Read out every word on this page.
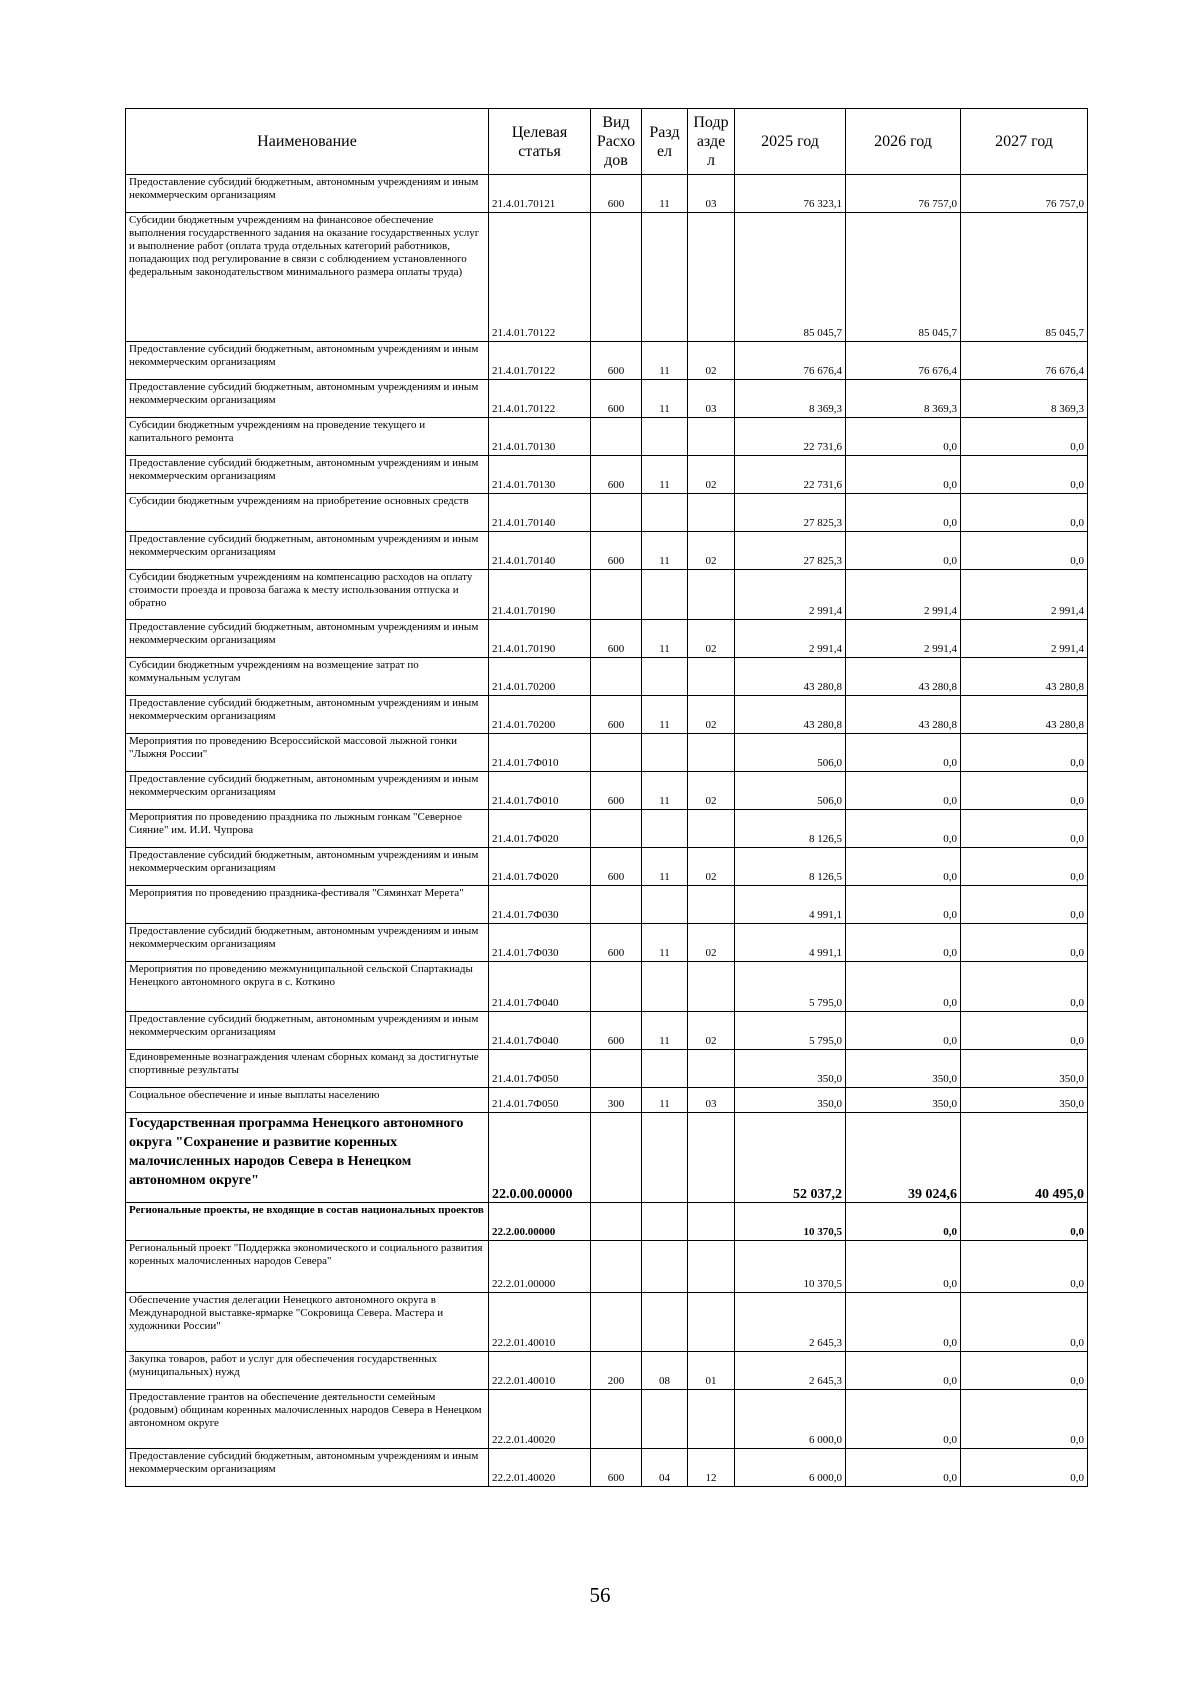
Наименование	Целевая статья	Вид Расхо дов	Разд ел	Подр азде л	2025 год	2026 год	2027 год
Предоставление субсидий бюджетным, автономным учреждениям и иным некоммерческим организациям	21.4.01.70121	600	11	03	76 323,1	76 757,0	76 757,0
Субсидии бюджетным учреждениям на финансовое обеспечение выполнения государственного задания на оказание государственных услуг и выполнение работ (оплата труда отдельных категорий работников, попадающих под регулирование в связи с соблюдением установленного федеральным законодательством минимального размера оплаты труда)	21.4.01.70122				85 045,7	85 045,7	85 045,7
Предоставление субсидий бюджетным, автономным учреждениям и иным некоммерческим организациям	21.4.01.70122	600	11	02	76 676,4	76 676,4	76 676,4
Предоставление субсидий бюджетным, автономным учреждениям и иным некоммерческим организациям	21.4.01.70122	600	11	03	8 369,3	8 369,3	8 369,3
Субсидии бюджетным учреждениям на проведение текущего и капитального ремонта	21.4.01.70130				22 731,6	0,0	0,0
Предоставление субсидий бюджетным, автономным учреждениям и иным некоммерческим организациям	21.4.01.70130	600	11	02	22 731,6	0,0	0,0
Субсидии бюджетным учреждениям на приобретение основных средств	21.4.01.70140				27 825,3	0,0	0,0
Предоставление субсидий бюджетным, автономным учреждениям и иным некоммерческим организациям	21.4.01.70140	600	11	02	27 825,3	0,0	0,0
Субсидии бюджетным учреждениям на компенсацию расходов на оплату стоимости проезда и провоза багажа к месту использования отпуска и обратно	21.4.01.70190				2 991,4	2 991,4	2 991,4
Предоставление субсидий бюджетным, автономным учреждениям и иным некоммерческим организациям	21.4.01.70190	600	11	02	2 991,4	2 991,4	2 991,4
Субсидии бюджетным учреждениям на возмещение затрат по коммунальным услугам	21.4.01.70200				43 280,8	43 280,8	43 280,8
Предоставление субсидий бюджетным, автономным учреждениям и иным некоммерческим организациям	21.4.01.70200	600	11	02	43 280,8	43 280,8	43 280,8
Мероприятия по проведению Всероссийской массовой лыжной гонки "Лыжня России"	21.4.01.7Ф010				506,0	0,0	0,0
Предоставление субсидий бюджетным, автономным учреждениям и иным некоммерческим организациям	21.4.01.7Ф010	600	11	02	506,0	0,0	0,0
Мероприятия по проведению праздника по лыжным гонкам "Северное Сияние" им. И.И. Чупрова	21.4.01.7Ф020				8 126,5	0,0	0,0
Предоставление субсидий бюджетным, автономным учреждениям и иным некоммерческим организациям	21.4.01.7Ф020	600	11	02	8 126,5	0,0	0,0
Мероприятия по проведению праздника-фестиваля "Сямянхат Мерета"	21.4.01.7Ф030				4 991,1	0,0	0,0
Предоставление субсидий бюджетным, автономным учреждениям и иным некоммерческим организациям	21.4.01.7Ф030	600	11	02	4 991,1	0,0	0,0
Мероприятия по проведению межмуниципальной сельской Спартакиады Ненецкого автономного округа в с. Коткино	21.4.01.7Ф040				5 795,0	0,0	0,0
Предоставление субсидий бюджетным, автономным учреждениям и иным некоммерческим организациям	21.4.01.7Ф040	600	11	02	5 795,0	0,0	0,0
Единовременные вознаграждения членам сборных команд за достигнутые спортивные результаты	21.4.01.7Ф050				350,0	350,0	350,0
Социальное обеспечение и иные выплаты населению	21.4.01.7Ф050	300	11	03	350,0	350,0	350,0
Государственная программа Ненецкого автономного округа "Сохранение и развитие коренных малочисленных народов Севера в Ненецком автономном округе"	22.0.00.00000				52 037,2	39 024,6	40 495,0
Региональные проекты, не входящие в состав национальных проектов	22.2.00.00000				10 370,5	0,0	0,0
Региональный проект "Поддержка экономического и социального развития коренных малочисленных народов Севера"	22.2.01.00000				10 370,5	0,0	0,0
Обеспечение участия делегации Ненецкого автономного округа в Международной выставке-ярмарке "Сокровища Севера. Мастера и художники России"	22.2.01.40010				2 645,3	0,0	0,0
Закупка товаров, работ и услуг для обеспечения государственных (муниципальных) нужд	22.2.01.40010	200	08	01	2 645,3	0,0	0,0
Предоставление грантов на обеспечение деятельности семейным (родовым) общинам коренных малочисленных народов Севера в Ненецком автономном округе	22.2.01.40020				6 000,0	0,0	0,0
Предоставление субсидий бюджетным, автономным учреждениям и иным некоммерческим организациям	22.2.01.40020	600	04	12	6 000,0	0,0	0,0
56
